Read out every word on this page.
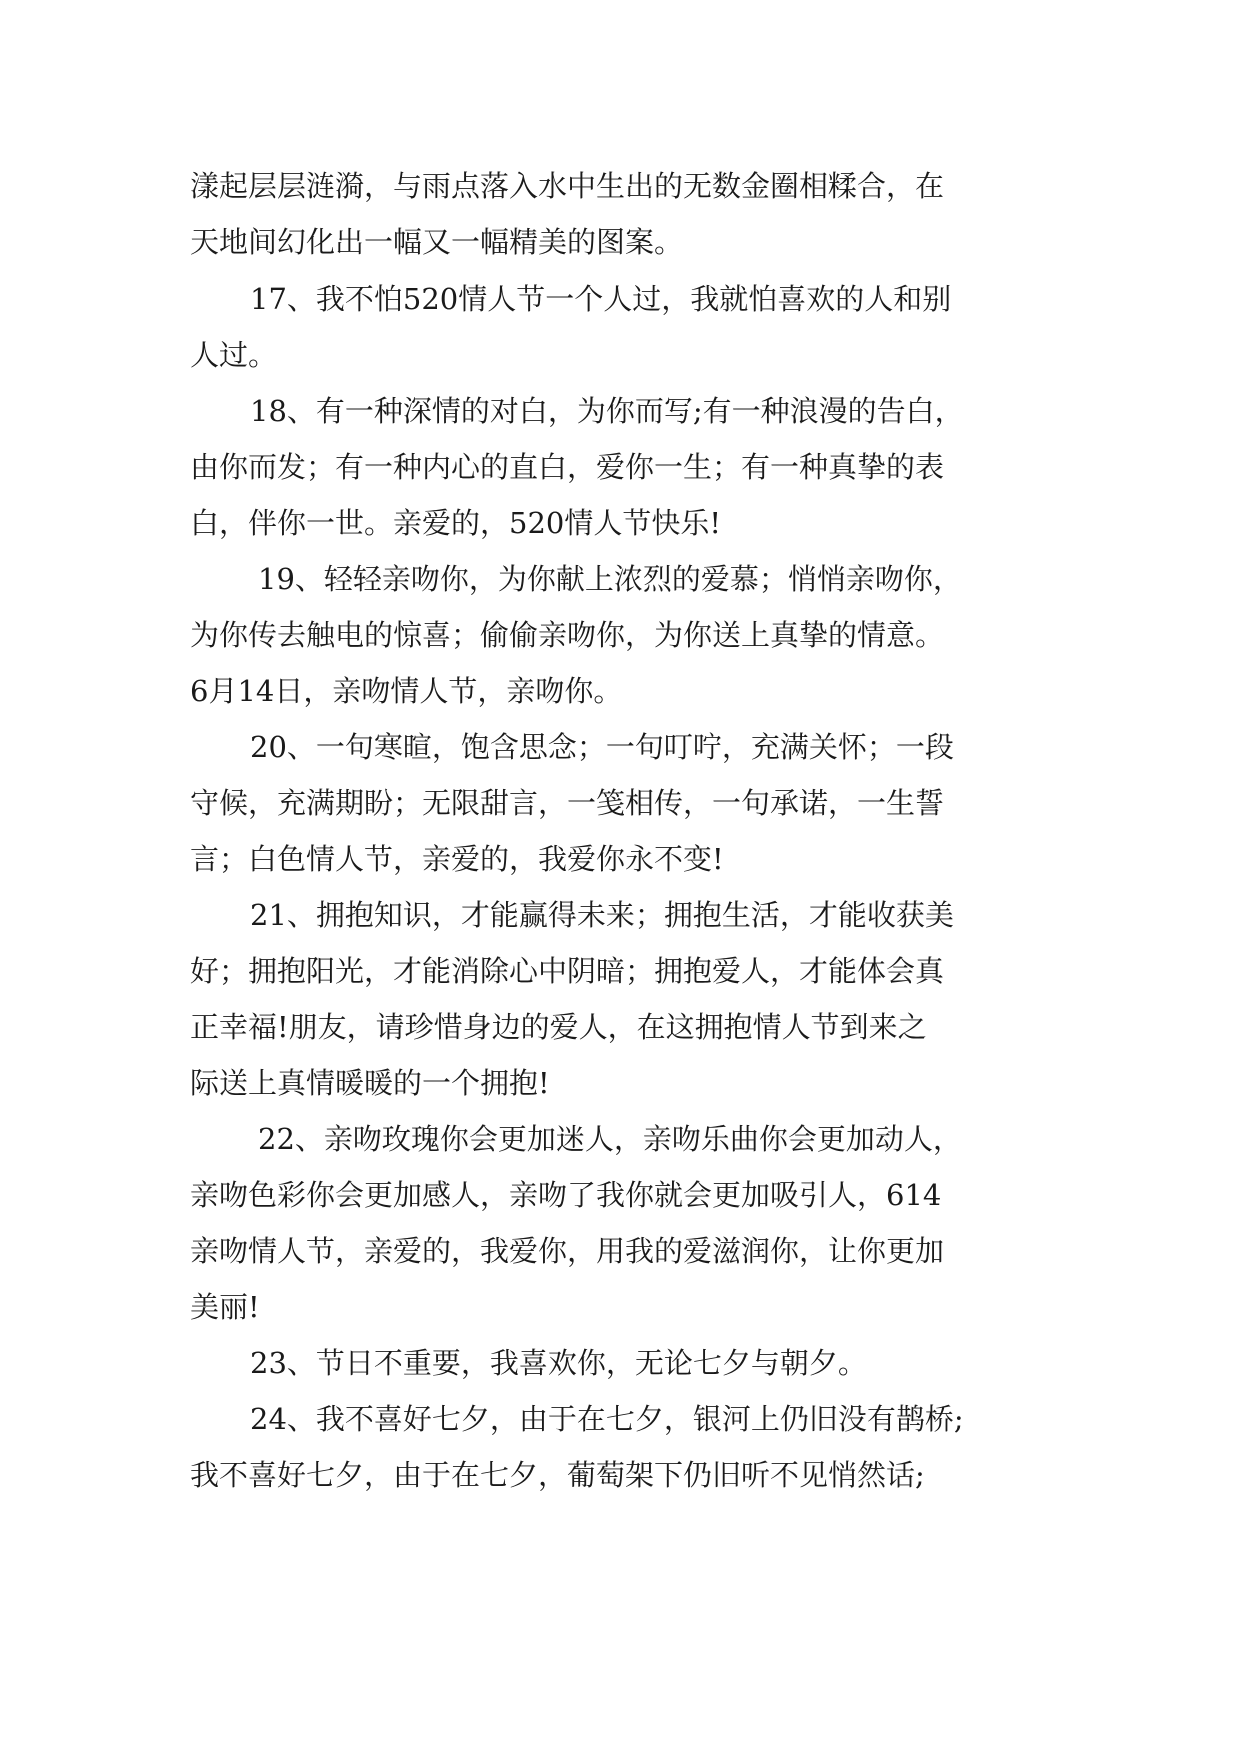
漾起层层涟漪，与雨点落入水中生出的无数金圈相糅合，在
天地间幻化出一幅又一幅精美的图案。
17、我不怕520情人节一个人过，我就怕喜欢的人和别
人过。
18、有一种深情的对白，为你而写;有一种浪漫的告白，
由你而发；有一种内心的直白，爱你一生；有一种真挚的表
白，伴你一世。亲爱的，520情人节快乐!
19、轻轻亲吻你，为你献上浓烈的爱慕；悄悄亲吻你，
为你传去触电的惊喜；偷偷亲吻你，为你送上真挚的情意。
6月14日，亲吻情人节，亲吻你。
20、一句寒暄，饱含思念；一句叮咛，充满关怀；一段
守候，充满期盼；无限甜言，一笺相传，一句承诺，一生誓
言；白色情人节，亲爱的，我爱你永不变!
21、拥抱知识，才能赢得未来；拥抱生活，才能收获美
好；拥抱阳光，才能消除心中阴暗；拥抱爱人，才能体会真
正幸福!朋友，请珍惜身边的爱人，在这拥抱情人节到来之
际送上真情暖暖的一个拥抱!
22、亲吻玫瑰你会更加迷人，亲吻乐曲你会更加动人，
亲吻色彩你会更加感人，亲吻了我你就会更加吸引人，614
亲吻情人节，亲爱的，我爱你，用我的爱滋润你，让你更加
美丽!
23、节日不重要，我喜欢你，无论七夕与朝夕。
24、我不喜好七夕，由于在七夕，银河上仍旧没有鹊桥;
我不喜好七夕，由于在七夕，葡萄架下仍旧听不见悄然话;
